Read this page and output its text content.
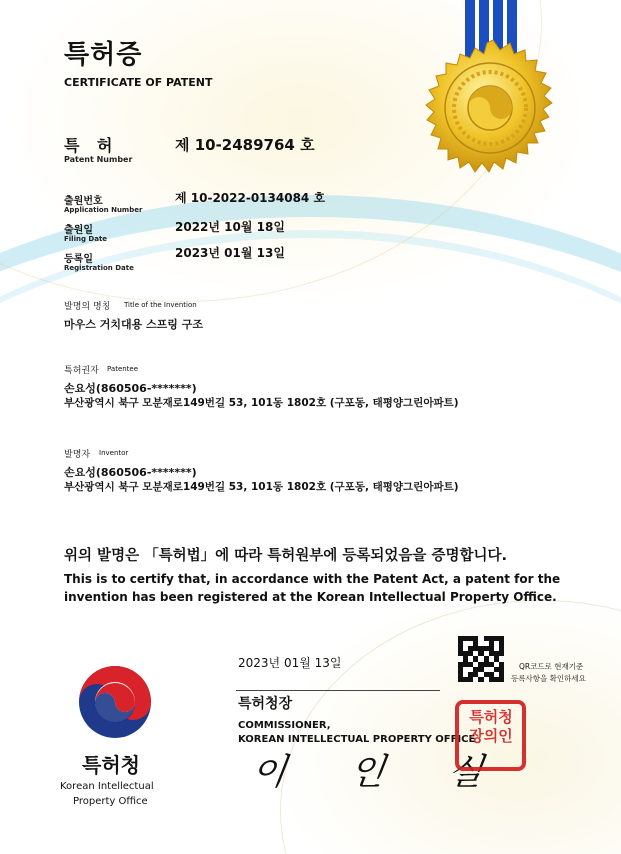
특허증
CERTIFICATE OF PATENT
특 허
Patent Number
제 10-2489764 호
출원번호
Application Number
제 10-2022-0134084 호
출원일
Filing Date
2022년 10월 18일
등록일
Registration Date
2023년 01월 13일
발명의 명칭 Title of the Invention
마우스 거치대용 스프링 구조
특허권자 Patentee
손요성(860506-*******)
부산광역시 북구 모분재로149번길 53, 101동 1802호 (구포동, 태평양그린아파트)
발명자 Inventor
손요성(860506-*******)
부산광역시 북구 모분재로149번길 53, 101동 1802호 (구포동, 태평양그린아파트)
위의 발명은 「특허법」에 따라 특허원부에 등록되었음을 증명합니다.
This is to certify that, in accordance with the Patent Act, a patent for the
invention has been registered at the Korean Intellectual Property Office.
2023년 01월 13일	QR코드로 현재기준
등록사항을 확인하세요
특허청
Korean Intellectual
Property Office
특허청장
COMMISSIONER,
KOREAN INTELLECTUAL PROPERTY OFFICE
이 인 실
특허청장의인
